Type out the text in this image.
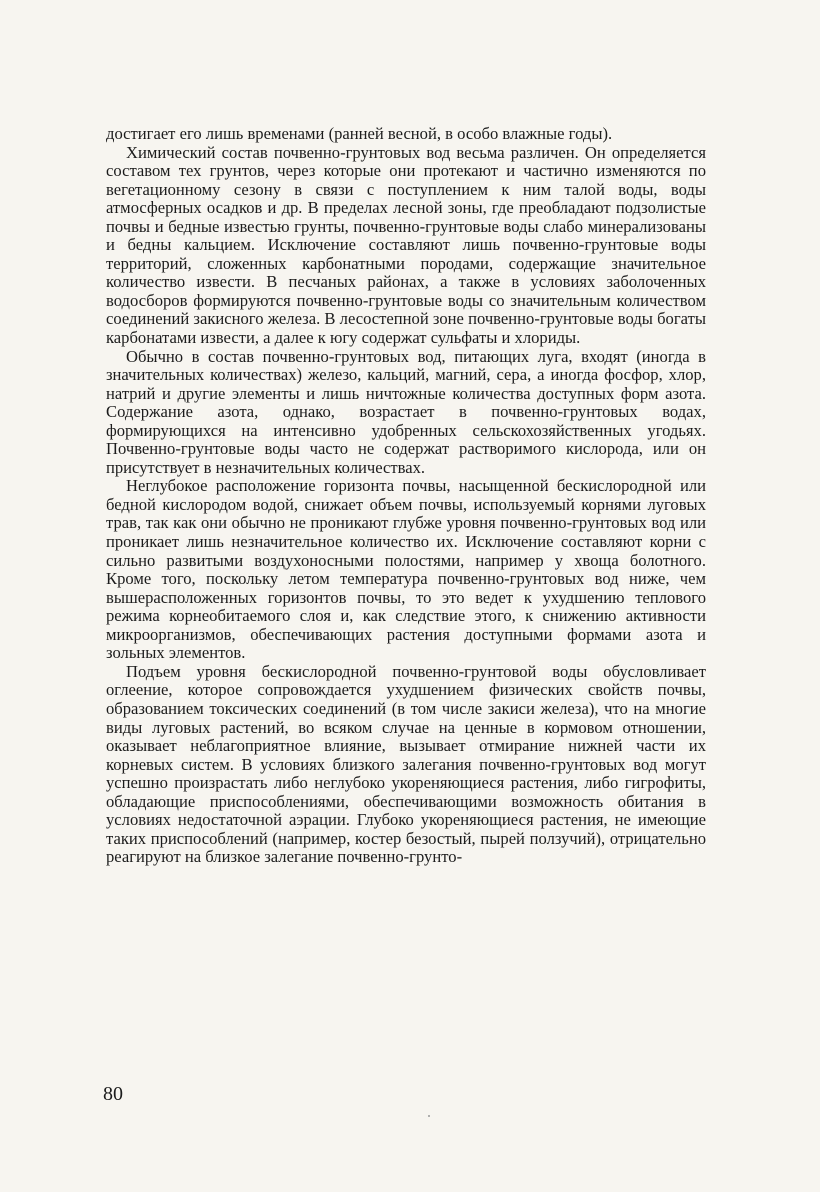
достигает его лишь временами (ранней весной, в особо влажные годы).

Химический состав почвенно-грунтовых вод весьма различен. Он определяется составом тех грунтов, через которые они протекают и частично изменяются по вегетационному сезону в связи с поступлением к ним талой воды, воды атмосферных осадков и др. В пределах лесной зоны, где преобладают подзолистые почвы и бедные известью грунты, почвенно-грунтовые воды слабо минерализованы и бедны кальцием. Исключение составляют лишь почвенно-грунтовые воды территорий, сложенных карбонатными породами, содержащие значительное количество извести. В песчаных районах, а также в условиях заболоченных водосборов формируются почвенно-грунтовые воды со значительным количеством соединений закисного железа. В лесостепной зоне почвенно-грунтовые воды богаты карбонатами извести, а далее к югу содержат сульфаты и хлориды.

Обычно в состав почвенно-грунтовых вод, питающих луга, входят (иногда в значительных количествах) железо, кальций, магний, сера, а иногда фосфор, хлор, натрий и другие элементы и лишь ничтожные количества доступных форм азота. Содержание азота, однако, возрастает в почвенно-грунтовых водах, формирующихся на интенсивно удобренных сельскохозяйственных угодьях. Почвенно-грунтовые воды часто не содержат растворимого кислорода, или он присутствует в незначительных количествах.

Неглубокое расположение горизонта почвы, насыщенной бескислородной или бедной кислородом водой, снижает объем почвы, используемый корнями луговых трав, так как они обычно не проникают глубже уровня почвенно-грунтовых вод или проникает лишь незначительное количество их. Исключение составляют корни с сильно развитыми воздухоносными полостями, например у хвоща болотного. Кроме того, поскольку летом температура почвенно-грунтовых вод ниже, чем вышерасположенных горизонтов почвы, то это ведет к ухудшению теплового режима корнеобитаемого слоя и, как следствие этого, к снижению активности микроорганизмов, обеспечивающих растения доступными формами азота и зольных элементов.

Подъем уровня бескислородной почвенно-грунтовой воды обусловливает оглеение, которое сопровождается ухудшением физических свойств почвы, образованием токсических соединений (в том числе закиси железа), что на многие виды луговых растений, во всяком случае на ценные в кормовом отношении, оказывает неблагоприятное влияние, вызывает отмирание нижней части их корневых систем. В условиях близкого залегания почвенно-грунтовых вод могут успешно произрастать либо неглубоко укореняющиеся растения, либо гигрофиты, обладающие приспособлениями, обеспечивающими возможность обитания в условиях недостаточной аэрации. Глубоко укореняющиеся растения, не имеющие таких приспособлений (например, костер безостый, пырей ползучий), отрицательно реагируют на близкое залегание почвенно-грунто-

80
